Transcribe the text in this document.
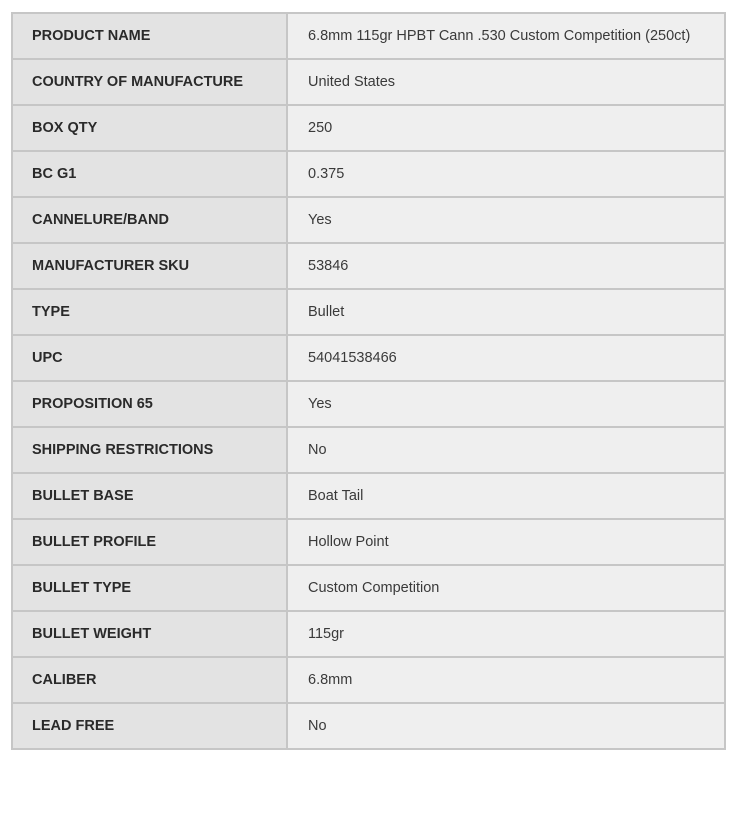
PRODUCT NAME	6.8mm 115gr HPBT Cann .530 Custom Competition (250ct)
COUNTRY OF MANUFACTURE	United States
BOX QTY	250
BC G1	0.375
CANNELURE/BAND	Yes
MANUFACTURER SKU	53846
TYPE	Bullet
UPC	54041538466
PROPOSITION 65	Yes
SHIPPING RESTRICTIONS	No
BULLET BASE	Boat Tail
BULLET PROFILE	Hollow Point
BULLET TYPE	Custom Competition
BULLET WEIGHT	115gr
CALIBER	6.8mm
LEAD FREE	No
